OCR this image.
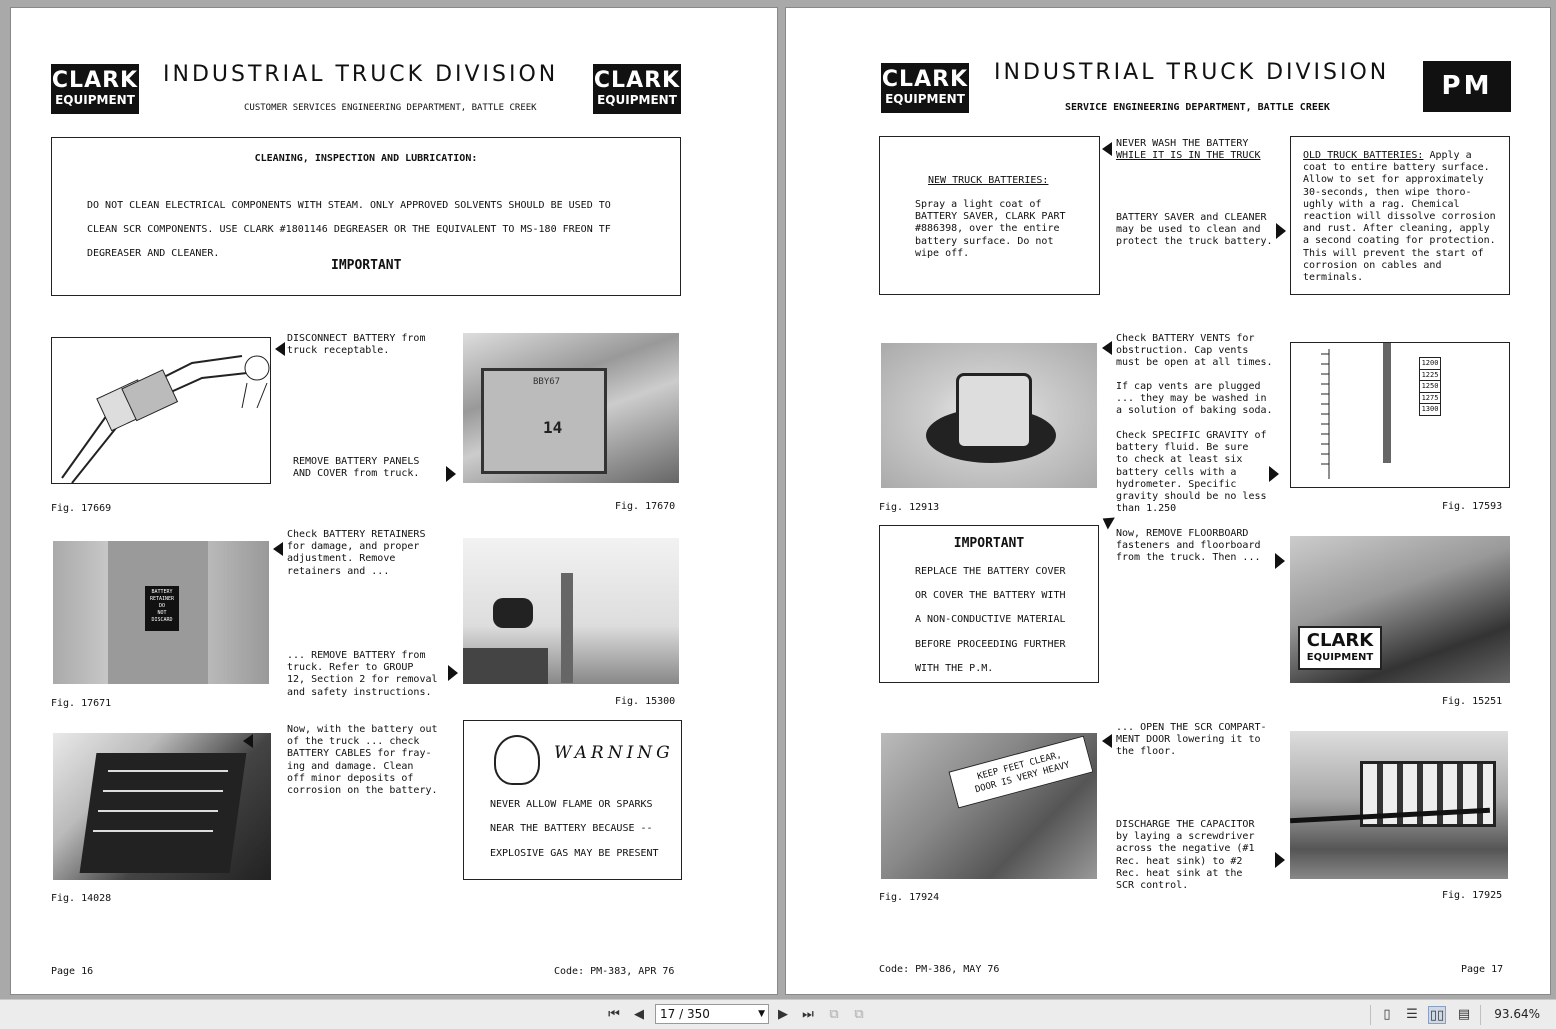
CLARK
EQUIPMENT
INDUSTRIAL TRUCK DIVISION
CUSTOMER SERVICES ENGINEERING DEPARTMENT, BATTLE CREEK
CLARK
EQUIPMENT
CLEANING, INSPECTION AND LUBRICATION:
DO NOT CLEAN ELECTRICAL COMPONENTS WITH STEAM. ONLY APPROVED SOLVENTS SHOULD BE USED TO
CLEAN SCR COMPONENTS. USE CLARK #1801146 DEGREASER OR THE EQUIVALENT TO MS-180 FREON TF
DEGREASER AND CLEANER.
IMPORTANT
DISCONNECT BATTERY from
truck receptable.
REMOVE BATTERY PANELS
AND COVER from truck.
BBY67
14
Fig. 17669	Fig. 17670
BATTERY
RETAINER
DO
NOT
DISCARD
Check BATTERY RETAINERS
for damage, and proper
adjustment. Remove
retainers and ...
... REMOVE BATTERY from
truck. Refer to GROUP
12, Section 2 for removal
and safety instructions.
Fig. 17671	Fig. 15300
Now, with the battery out
of the truck ... check
BATTERY CABLES for fray-
ing and damage. Clean
off minor deposits of
corrosion on the battery.
WARNING
NEVER ALLOW FLAME OR SPARKS
NEAR THE BATTERY BECAUSE --
EXPLOSIVE GAS MAY BE PRESENT
Fig. 14028
Page 16	Code: PM-383, APR 76
CLARK
EQUIPMENT
INDUSTRIAL TRUCK DIVISION
SERVICE ENGINEERING DEPARTMENT, BATTLE CREEK
PM
NEW TRUCK BATTERIES:
Spray a light coat of
BATTERY SAVER, CLARK PART
#886398, over the entire
battery surface. Do not
wipe off.
NEVER WASH THE BATTERY
WHILE IT IS IN THE TRUCK
BATTERY SAVER and CLEANER
may be used to clean and
protect the truck battery.
OLD TRUCK BATTERIES: Apply a
coat to entire battery surface.
Allow to set for approximately
30-seconds, then wipe thoro-
ughly with a rag. Chemical
reaction will dissolve corrosion
and rust. After cleaning, apply
a second coating for protection.
This will prevent the start of
corrosion on cables and
terminals.
Check BATTERY VENTS for
obstruction. Cap vents
must be open at all times.
If cap vents are plugged
... they may be washed in
a solution of baking soda.
Check SPECIFIC GRAVITY of
battery fluid. Be sure
to check at least six
battery cells with a
hydrometer. Specific
gravity should be no less
than 1.250
1200
1225
1250
1275
1300
Fig. 12913	Fig. 17593
IMPORTANT
REPLACE THE BATTERY COVER
OR COVER THE BATTERY WITH
A NON-CONDUCTIVE MATERIAL
BEFORE PROCEEDING FURTHER
WITH THE P.M.
Now, REMOVE FLOORBOARD
fasteners and floorboard
from the truck. Then ...
CLARK
EQUIPMENT
Fig. 15251
KEEP FEET CLEAR,
DOOR IS VERY HEAVY
... OPEN THE SCR COMPART-
MENT DOOR lowering it to
the floor.
DISCHARGE THE CAPACITOR
by laying a screwdriver
across the negative (#1
Rec. heat sink) to #2
Rec. heat sink at the
SCR control.
Fig. 17924	Fig. 17925
Code: PM-386, MAY 76	Page 17
⏮	◀	17 / 350	▼	▶	⏭	⧉	⧉	▯	☰ ▯▯ ▤ 93.64%
